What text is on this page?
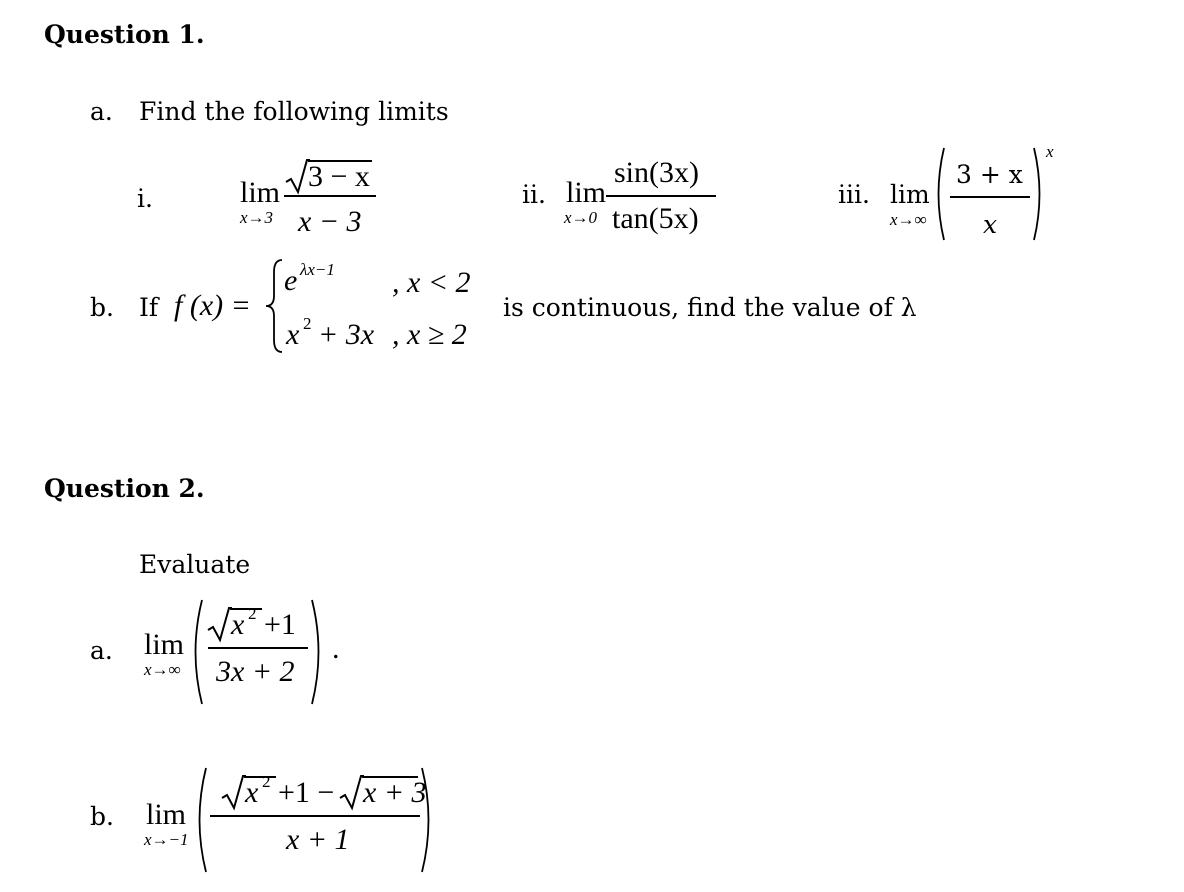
Question 1.
a. Find the following limits
i.	lim
x→3
3 − x
x − 3
ii. lim
x→0
sin(3x)
tan(5x)
iii. lim
x→∞
3 + x
x
x
b. If f (x) =
e λx−1 , x < 2
x 2 + 3x , x ≥ 2
is continuous, find the value of λ
Question 2.
Evaluate
a. lim
x→∞
x 2 +1
3x + 2
.
b. lim
x→−1
x 2 +1 − x + 3
x + 1
